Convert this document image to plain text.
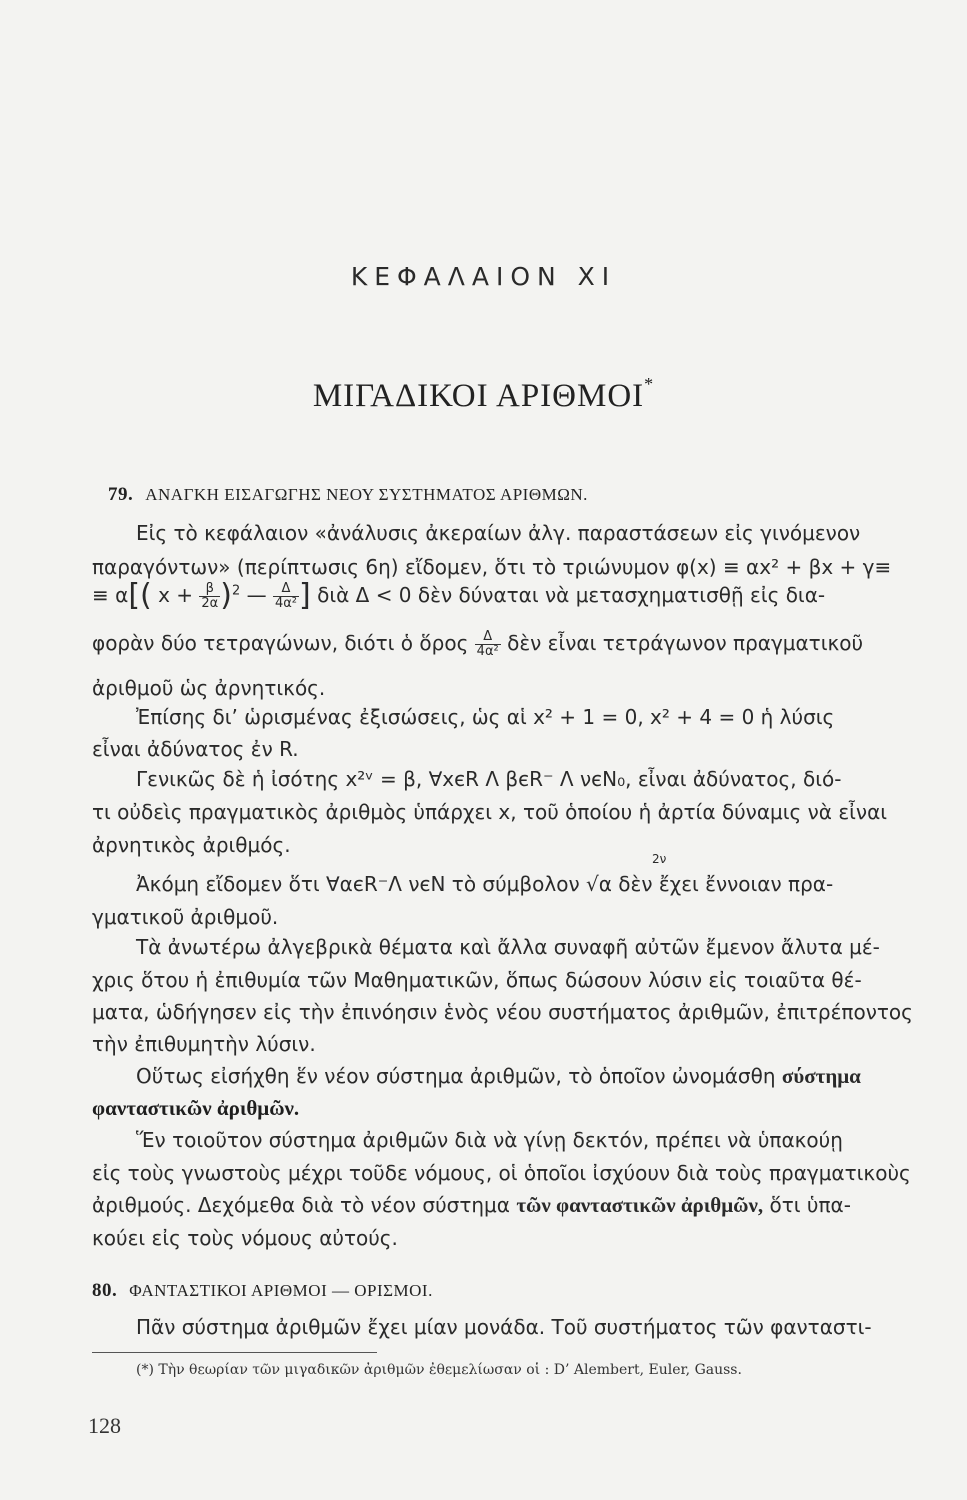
ΚΕΦΑΛΑΙΟΝ XI
ΜΙΓΑΔΙΚΟΙ ΑΡΙΘΜΟΙ*
79. ΑΝΑΓΚΗ ΕΙΣΑΓΩΓΗΣ ΝΕΟΥ ΣΥΣΤΗΜΑΤΟΣ ΑΡΙΘΜΩΝ.
Εἰς τὸ κεφάλαιον «ἀνάλυσις ἀκεραίων ἀλγ. παραστάσεων εἰς γινόμενον
παραγόντων» (περίπτωσις 6η) εἴδομεν, ὅτι τὸ τριώνυμον φ(x) ≡ αx² + βx + γ≡
≡ α[( $x + \frac{\beta}{2\alpha} )^2$ — $\frac{\Delta}{\text{4α²}}$ ] διὰ Δ < 0 δὲν δύναται νὰ μετασχηματισθῇ εἰς δια-
φορὰν δύο τετραγώνων, διότι ὁ ὅρος $\frac{\Delta}{\text{4α²}}$ δὲν εἶναι τετράγωνον πραγματικοῦ
ἀριθμοῦ ὡς ἀρνητικός.
Ἐπίσης δι’ ὡρισμένας ἐξισώσεις, ὡς αἱ x² + 1 = 0, x² + 4 = 0 ἡ λύσις
εἶναι ἀδύνατος ἐν R.
Γενικῶς δὲ ἡ ἰσότης x²ᵛ = β, ∀xєR Λ βєR⁻ Λ νєN₀, εἶναι ἀδύνατος, διό-
τι οὐδεὶς πραγματικὸς ἀριθμὸς ὑπάρχει x, τοῦ ὁποίου ἡ ἀρτία δύναμις νὰ εἶναι
ἀρνητικὸς ἀριθμός.
2ν
Ἀκόμη εἴδομεν ὅτι ∀αєR⁻Λ νєN τὸ σύμβολον √α δὲν ἔχει ἔννοιαν πρα-
γματικοῦ ἀριθμοῦ.
Τὰ ἀνωτέρω ἀλγεβρικὰ θέματα καὶ ἄλλα συναφῆ αὐτῶν ἔμενον ἄλυτα μέ-
χρις ὅτου ἡ ἐπιθυμία τῶν Μαθηματικῶν, ὅπως δώσουν λύσιν εἰς τοιαῦτα θέ-
ματα, ὡδήγησεν εἰς τὴν ἐπινόησιν ἑνὸς νέου συστήματος ἀριθμῶν, ἐπιτρέποντος
τὴν ἐπιθυμητὴν λύσιν.
Οὕτως εἰσήχθη ἕν νέον σύστημα ἀριθμῶν, τὸ ὁποῖον ὠνομάσθη σύστημα
φανταστικῶν ἀριθμῶν.
Ἕν τοιοῦτον σύστημα ἀριθμῶν διὰ νὰ γίνῃ δεκτόν, πρέπει νὰ ὑπακούῃ
εἰς τοὺς γνωστοὺς μέχρι τοῦδε νόμους, οἱ ὁποῖοι ἰσχύουν διὰ τοὺς πραγματικοὺς
ἀριθμούς. Δεχόμεθα διὰ τὸ νέον σύστημα τῶν φανταστικῶν ἀριθμῶν, ὅτι ὑπα-
κούει εἰς τοὺς νόμους αὐτούς.
80. ΦΑΝΤΑΣΤΙΚΟΙ ΑΡΙΘΜΟΙ — ΟΡΙΣΜΟΙ.
Πᾶν σύστημα ἀριθμῶν ἔχει μίαν μονάδα. Τοῦ συστήματος τῶν φανταστι-
(*) Τὴν θεωρίαν τῶν μιγαδικῶν ἀριθμῶν ἐθεμελίωσαν οἱ : D’ Alembert, Euler, Gauss.
128
